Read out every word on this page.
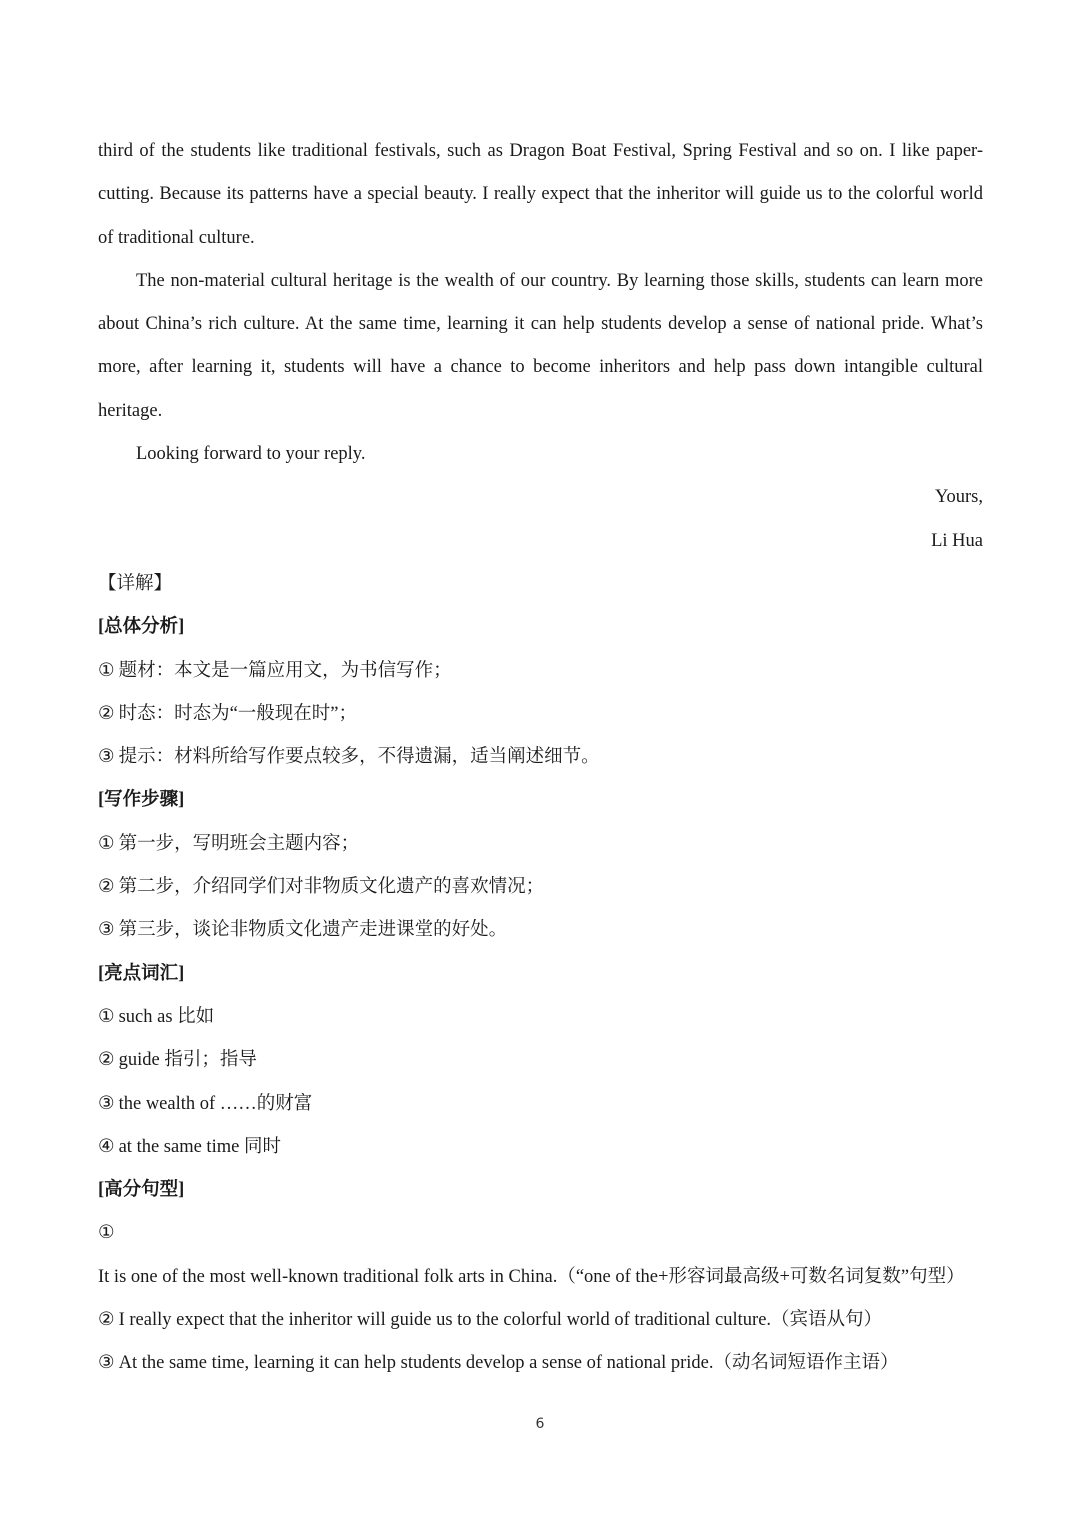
third of the students like traditional festivals, such as Dragon Boat Festival, Spring Festival and so on. I like paper-cutting. Because its patterns have a special beauty. I really expect that the inheritor will guide us to the colorful world of traditional culture.
The non-material cultural heritage is the wealth of our country. By learning those skills, students can learn more about China’s rich culture. At the same time, learning it can help students develop a sense of national pride. What’s more, after learning it, students will have a chance to become inheritors and help pass down intangible cultural heritage.
Looking forward to your reply.
Yours,
Li Hua
【详解】
[总体分析]
① 题材：本文是一篇应用文，为书信写作；
② 时态：时态为“一般现在时”；
③ 提示：材料所给写作要点较多，不得遗漏，适当阐述细节。
[写作步骤]
① 第一步，写明班会主题内容；
② 第二步，介绍同学们对非物质文化遗产的喜欢情况；
③ 第三步，谈论非物质文化遗产走进课堂的好处。
[亮点词汇]
① such as 比如
② guide 指引；指导
③ the wealth of ……的财富
④ at the same time 同时
[高分句型]
①It is one of the most well-known traditional folk arts in China.（“one of the+形容词最高级+可数名词复数”句型）
② I really expect that the inheritor will guide us to the colorful world of traditional culture.（宾语从句）
③ At the same time, learning it can help students develop a sense of national pride.（动名词短语作主语）
6
